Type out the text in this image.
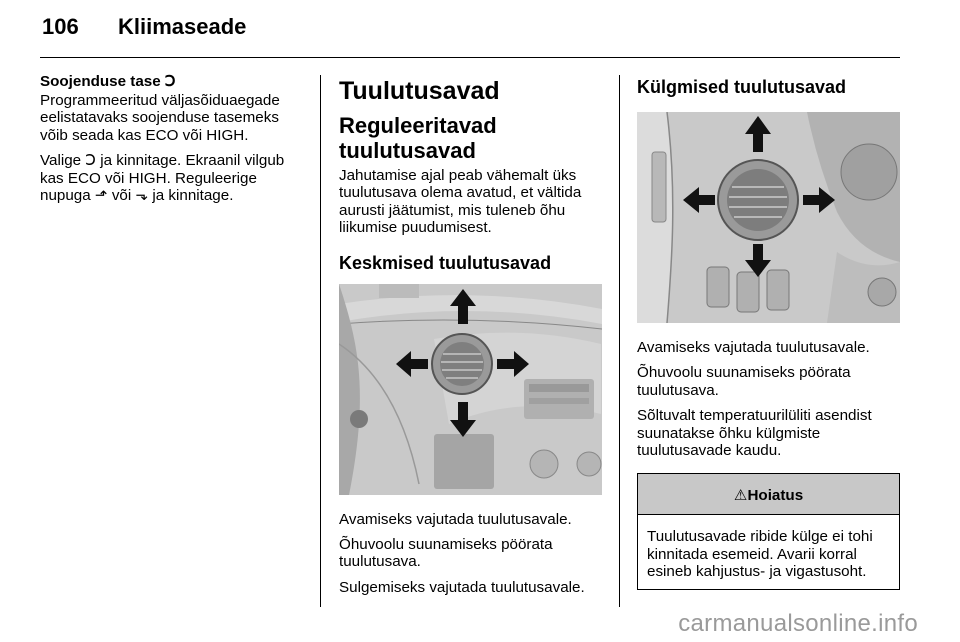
106 Kliimaseade
Soojenduse tase Ↄ

Programmeeritud väljasõiduaegade eelistatavaks soojenduse tasemeks võib seada kas ECO või HIGH.

Valige Ↄ ja kinnitage. Ekraanil vilgub kas ECO või HIGH. Reguleerige nupuga ⬏ või ⬎ ja kinnitage.

Tuulutusavad
Reguleeritavad tuulutusavad

Jahutamise ajal peab vähemalt üks tuulutusava olema avatud, et vältida aurusti jäätumist, mis tuleneb õhu liikumise puudumisest.

Keskmised tuulutusavad

Avamiseks vajutada tuulutusavale.

Õhuvoolu suunamiseks pöörata tuulutusava.

Sulgemiseks vajutada tuulutusavale.

Külgmised tuulutusavad

Avamiseks vajutada tuulutusavale.

Õhuvoolu suunamiseks pöörata tuulutusava.

Sõltuvalt temperatuurilüliti asendist suunatakse õhku külgmiste tuulutusavade kaudu.

⚠Hoiatus

Tuulutusavade ribide külge ei tohi kinnitada esemeid. Avarii korral esineb kahjustus- ja vigastusoht.

carmanualsonline.info
